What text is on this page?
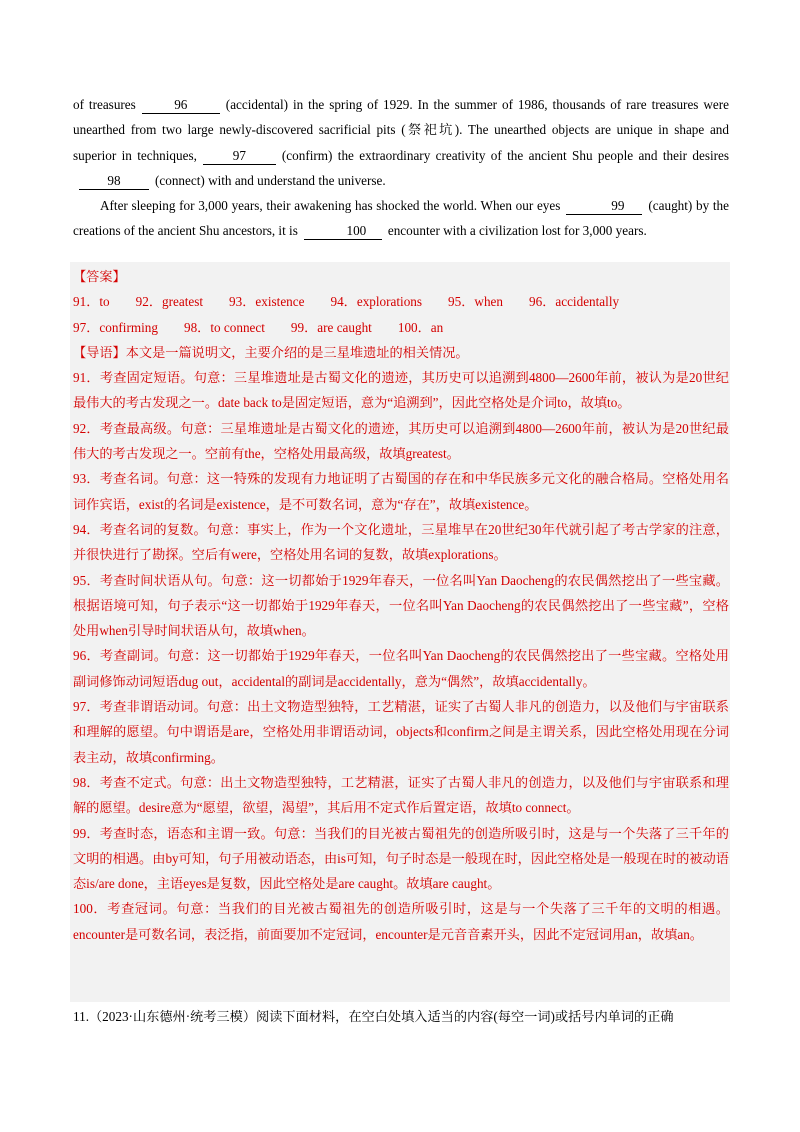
of treasures	96	(accidental) in the spring of 1929. In the summer of 1986, thousands of rare treasures were unearthed from two large newly-discovered sacrificial pits (祭祀坑). The unearthed objects are unique in shape and superior in techniques,	97	(confirm) the extraordinary creativity of the ancient Shu people and their desires98	(connect) with and understand the universe.

After sleeping for 3,000 years, their awakening has shocked the world. When our eyes	99 (caught) by the creations of the ancient Shu ancestors, it is	100 encounter with a civilization lost for 3,000 years.

【答案】

91．to 92．greatest 93．existence 94．explorations 95．when 96．accidentally
97．confirming 98．to connect 99．are caught 100．an

【导语】本文是一篇说明文，主要介绍的是三星堆遗址的相关情况。

91．考查固定短语。句意：三星堆遗址是古蜀文化的遗迹，其历史可以追溯到4800—2600年前，被认为是20世纪最伟大的考古发现之一。date back to是固定短语，意为“追溯到”，因此空格处是介词to，故填to。

92．考查最高级。句意：三星堆遗址是古蜀文化的遗迹，其历史可以追溯到4800—2600年前，被认为是20世纪最伟大的考古发现之一。空前有the，空格处用最高级，故填greatest。

93．考查名词。句意：这一特殊的发现有力地证明了古蜀国的存在和中华民族多元文化的融合格局。空格处用名词作宾语，exist的名词是existence，是不可数名词，意为“存在”，故填existence。

94．考查名词的复数。句意：事实上，作为一个文化遗址，三星堆早在20世纪30年代就引起了考古学家的注意，并很快进行了勘探。空后有were，空格处用名词的复数，故填explorations。

95．考查时间状语从句。句意：这一切都始于1929年春天，一位名叫Yan Daocheng的农民偶然挖出了一些宝藏。根据语境可知，句子表示“这一切都始于1929年春天，一位名叫Yan Daocheng的农民偶然挖出了一些宝藏”，空格处用when引导时间状语从句，故填when。

96．考查副词。句意：这一切都始于1929年春天，一位名叫Yan Daocheng的农民偶然挖出了一些宝藏。空格处用副词修饰动词短语dug out，accidental的副词是accidentally，意为“偶然”，故填accidentally。

97．考查非谓语动词。句意：出土文物造型独特，工艺精湛，证实了古蜀人非凡的创造力，以及他们与宇宙联系和理解的愿望。句中谓语是are，空格处用非谓语动词，objects和confirm之间是主谓关系，因此空格处用现在分词表主动，故填confirming。

98．考查不定式。句意：出土文物造型独特，工艺精湛，证实了古蜀人非凡的创造力，以及他们与宇宙联系和理解的愿望。desire意为“愿望，欲望，渴望”，其后用不定式作后置定语，故填to connect。

99．考查时态，语态和主谓一致。句意：当我们的目光被古蜀祖先的创造所吸引时，这是与一个失落了三千年的文明的相遇。由by可知，句子用被动语态，由is可知，句子时态是一般现在时，因此空格处是一般现在时的被动语态is/are done，主语eyes是复数，因此空格处是are caught。故填are caught。

100．考查冠词。句意：当我们的目光被古蜀祖先的创造所吸引时，这是与一个失落了三千年的文明的相遇。encounter是可数名词，表泛指，前面要加不定冠词，encounter是元音音素开头，因此不定冠词用an，故填an。

11.（2023·山东德州·统考三模）阅读下面材料，在空白处填入适当的内容(每空一词)或括号内单词的正确
